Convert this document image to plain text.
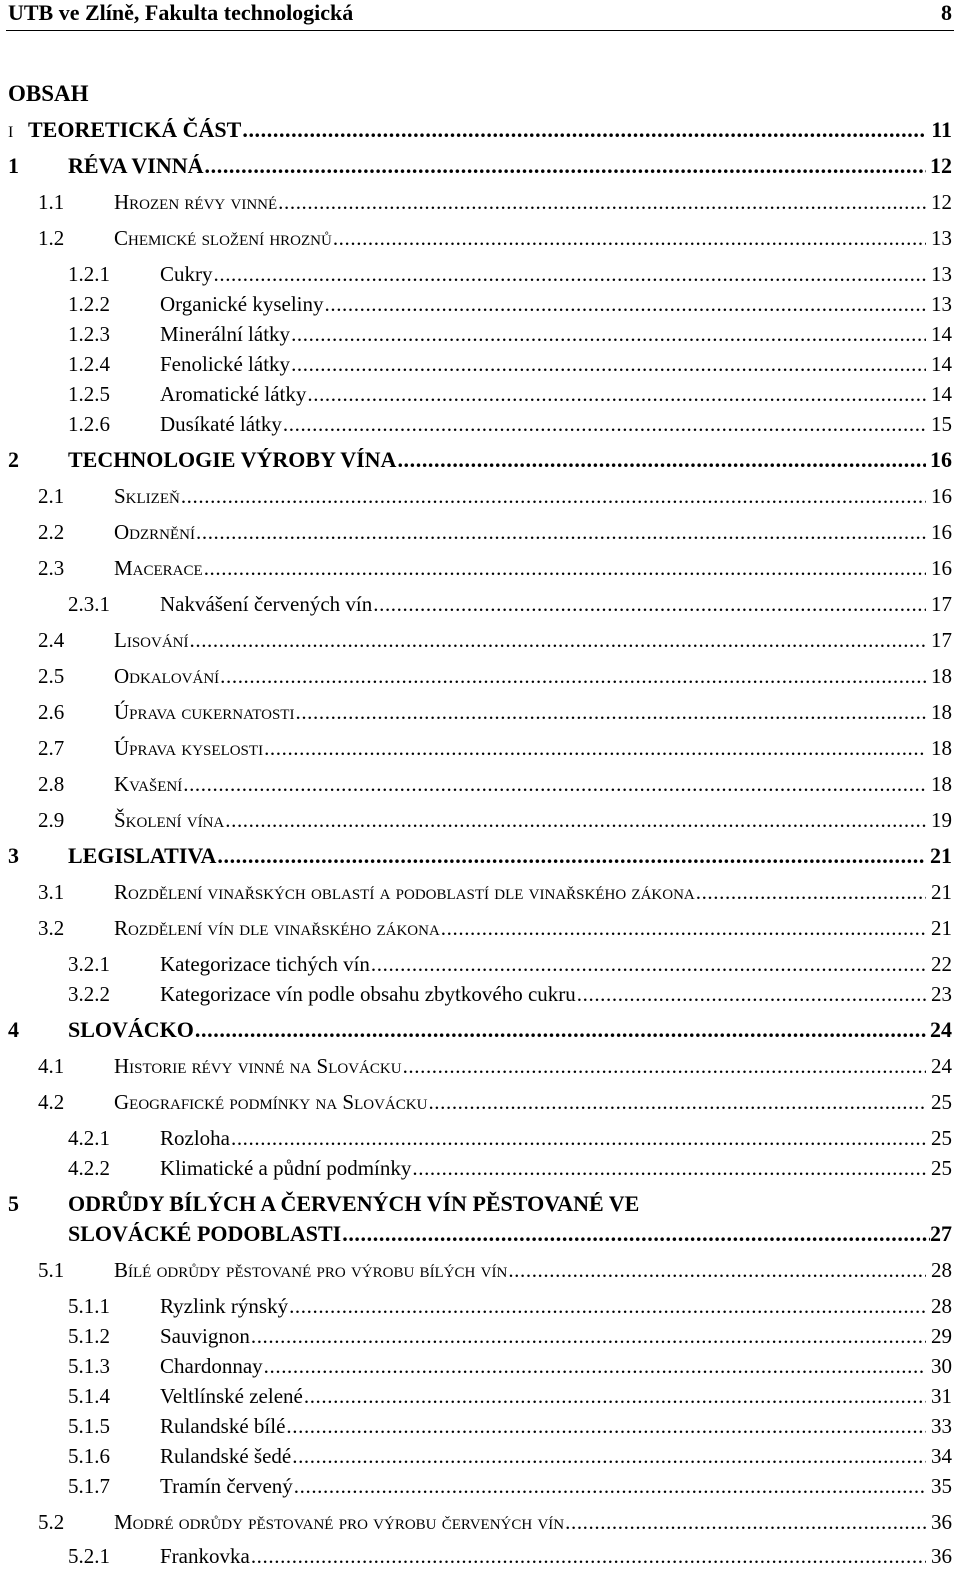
UTB ve Zlíně, Fakulta technologická	8
OBSAH
I TEORETICKÁ ČÁST .....	11
1	RÉVA VINNÁ .....	12
1.1	Hrozen révy vinné .....	12
1.2	Chemické složení hroznů .....	13
1.2.1	Cukry .....	13
1.2.2	Organické kyseliny .....	13
1.2.3	Minerální látky .....	14
1.2.4	Fenolické látky .....	14
1.2.5	Aromatické látky .....	14
1.2.6	Dusíkaté látky .....	15
2	TECHNOLOGIE VÝROBY VÍNA .....	16
2.1	Sklizeň .....	16
2.2	Odzrnění .....	16
2.3	Macerace .....	16
2.3.1	Nakvášení červených vín .....	17
2.4	Lisování .....	17
2.5	Odkalování .....	18
2.6	Úprava cukernatosti .....	18
2.7	Úprava kyselosti .....	18
2.8	Kvašení .....	18
2.9	Školení vína .....	19
3	LEGISLATIVA .....	21
3.1	Rozdělení vinařských oblastí a podoblastí dle vinařského zákona .....	21
3.2	Rozdělení vín dle vinařského zákona .....	21
3.2.1	Kategorizace tichých vín .....	22
3.2.2	Kategorizace vín podle obsahu zbytkového cukru .....	23
4	SLOVÁCKO .....	24
4.1	Historie révy vinné na Slovácku .....	24
4.2	Geografické podmínky na Slovácku .....	25
4.2.1	Rozloha .....	25
4.2.2	Klimatické a půdní podmínky .....	25
5	ODRŮDY BÍLÝCH A ČERVENÝCH VÍN PĚSTOVANÉ VE
SLOVÁCKÉ PODOBLASTI .....	27
5.1	Bílé odrůdy pěstované pro výrobu bílých vín .....	28
5.1.1	Ryzlink rýnský .....	28
5.1.2	Sauvignon .....	29
5.1.3	Chardonnay .....	30
5.1.4	Veltlínské zelené .....	31
5.1.5	Rulandské bílé .....	33
5.1.6	Rulandské šedé .....	34
5.1.7	Tramín červený .....	35
5.2	Modré odrůdy pěstované pro výrobu červených vín .....	36
5.2.1	Frankovka .....	36
